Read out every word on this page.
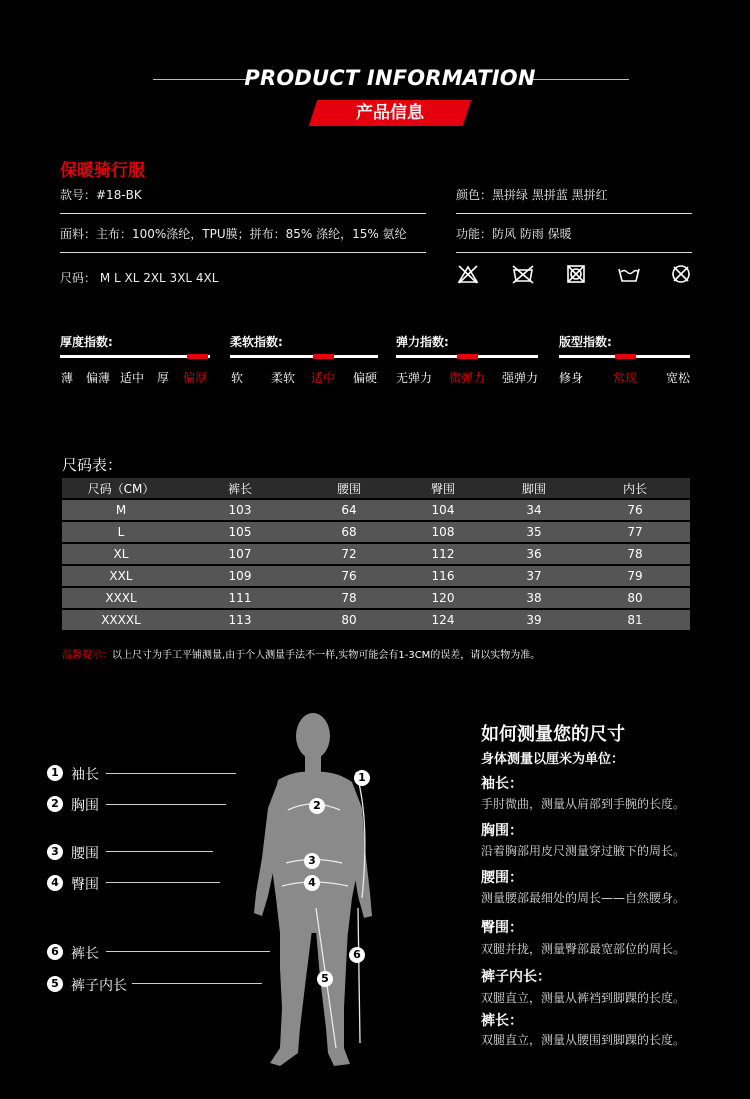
PRODUCT INFORMATION
产品信息
保暖骑行服
款号：#18-BK	颜色：黑拼绿 黑拼蓝 黑拼红
面料：主布：100%涤纶，TPU膜；拼布：85% 涤纶，15% 氨纶	功能：防风 防雨 保暖
尺码： M L XL 2XL 3XL 4XL
厚度指数:
薄 偏薄 适中 厚 偏厚
柔软指数:
软 柔软 适中 偏硬
弹力指数:
无弹力 微弹力 强弹力
版型指数:
修身 常规 宽松
尺码表：
尺码（CM）	裤长	腰围	臀围	脚围	内长
M	103	64	104	34	76
L	105	68	108	35	77
XL	107	72	112	36	78
XXL	109	76	116	37	79
XXXL	111	78	120	38	80
XXXXL	113	80	124	39	81
温馨提示：以上尺寸为手工平铺测量,由于个人测量手法不一样,实物可能会有1-3CM的误差，请以实物为准。
1
2
3
4
5
6
1 袖长
2 胸围
3 腰围
4 臀围
6 裤长
5 裤子内长
如何测量您的尺寸
身体测量以厘米为单位：
袖长：
手肘微曲，测量从肩部到手腕的长度。
胸围：
沿着胸部用皮尺测量穿过腋下的周长。
腰围：
测量腰部最细处的周长——自然腰身。
臀围：
双腿并拢，测量臀部最宽部位的周长。
裤子内长：
双腿直立，测量从裤裆到脚踝的长度。
裤长：
双腿直立，测量从腰围到脚踝的长度。
